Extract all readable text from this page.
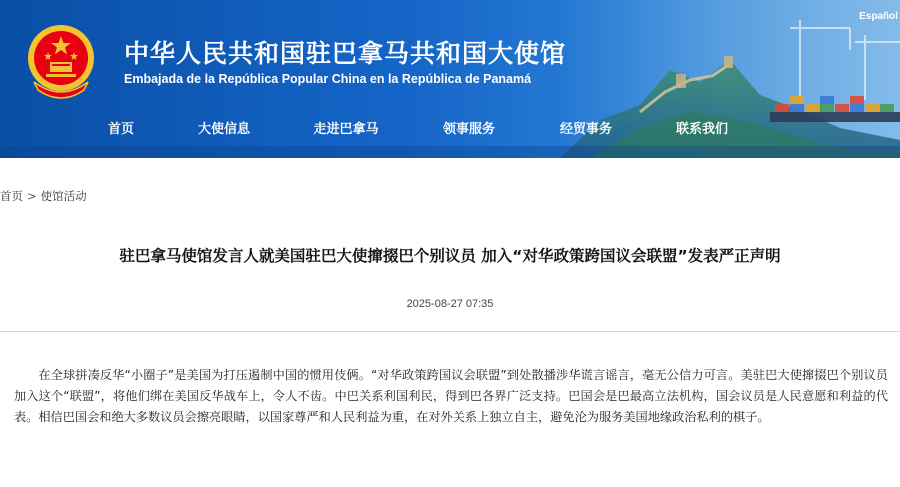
Español
中华人民共和国驻巴拿马共和国大使馆
Embajada de la República Popular China en la República de Panamá
首页	大使信息	走进巴拿马	领事服务	经贸事务	联系我们
首页 > 使馆活动
驻巴拿马使馆发言人就美国驻巴大使撺掇巴个别议员 加入“对华政策跨国议会联盟”发表严正声明
2025-08-27 07:35
在全球拼凑反华“小圈子”是美国为打压遏制中国的惯用伎俩。“对华政策跨国议会联盟”到处散播涉华谎言谣言，毫无公信力可言。美驻巴大使撺掇巴个别议员加入这个“联盟”，将他们绑在美国反华战车上，令人不齿。中巴关系利国利民，得到巴各界广泛支持。巴国会是巴最高立法机构，国会议员是人民意愿和利益的代表。相信巴国会和绝大多数议员会擦亮眼睛，以国家尊严和人民利益为重，在对外关系上独立自主，避免沦为服务美国地缘政治私利的棋子。
